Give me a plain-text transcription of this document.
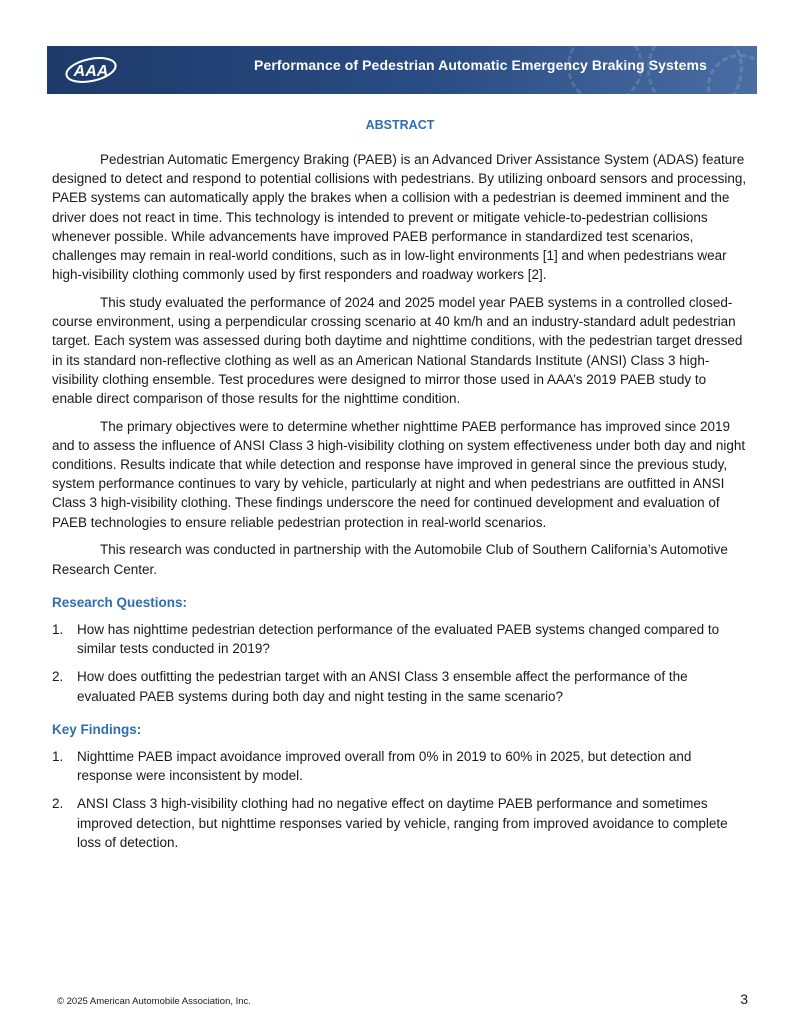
AAA	Performance of Pedestrian Automatic Emergency Braking Systems
ABSTRACT

Pedestrian Automatic Emergency Braking (PAEB) is an Advanced Driver Assistance System (ADAS) feature designed to detect and respond to potential collisions with pedestrians. By utilizing onboard sensors and processing, PAEB systems can automatically apply the brakes when a collision with a pedestrian is deemed imminent and the driver does not react in time. This technology is intended to prevent or mitigate vehicle-to-pedestrian collisions whenever possible. While advancements have improved PAEB performance in standardized test scenarios, challenges may remain in real-world conditions, such as in low-light environments [1] and when pedestrians wear high-visibility clothing commonly used by first responders and roadway workers [2].

This study evaluated the performance of 2024 and 2025 model year PAEB systems in a controlled closed-course environment, using a perpendicular crossing scenario at 40 km/h and an industry-standard adult pedestrian target. Each system was assessed during both daytime and nighttime conditions, with the pedestrian target dressed in its standard non-reflective clothing as well as an American National Standards Institute (ANSI) Class 3 high-visibility clothing ensemble. Test procedures were designed to mirror those used in AAA’s 2019 PAEB study to enable direct comparison of those results for the nighttime condition.

The primary objectives were to determine whether nighttime PAEB performance has improved since 2019 and to assess the influence of ANSI Class 3 high-visibility clothing on system effectiveness under both day and night conditions. Results indicate that while detection and response have improved in general since the previous study, system performance continues to vary by vehicle, particularly at night and when pedestrians are outfitted in ANSI Class 3 high-visibility clothing. These findings underscore the need for continued development and evaluation of PAEB technologies to ensure reliable pedestrian protection in real-world scenarios.

This research was conducted in partnership with the Automobile Club of Southern California’s Automotive Research Center.

Research Questions:
1. How has nighttime pedestrian detection performance of the evaluated PAEB systems changed compared to similar tests conducted in 2019?
2. How does outfitting the pedestrian target with an ANSI Class 3 ensemble affect the performance of the evaluated PAEB systems during both day and night testing in the same scenario?
Key Findings:
1. Nighttime PAEB impact avoidance improved overall from 0% in 2019 to 60% in 2025, but detection and response were inconsistent by model.
2. ANSI Class 3 high-visibility clothing had no negative effect on daytime PAEB performance and sometimes improved detection, but nighttime responses varied by vehicle, ranging from improved avoidance to complete loss of detection.
© 2025 American Automobile Association, Inc.	3
